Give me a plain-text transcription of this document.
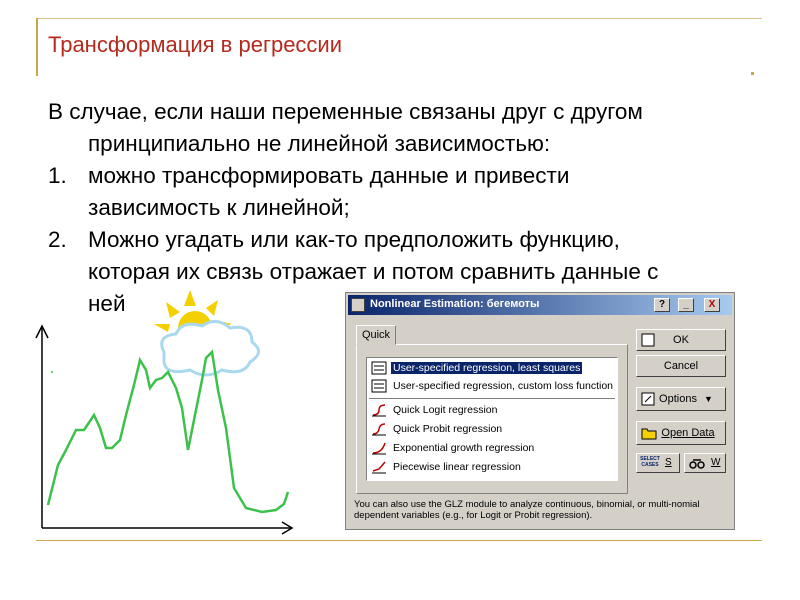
Трансформация в регрессии
В случае, если наши переменные связаны друг с другом
принципиально не линейной зависимостью:
1. можно трансформировать данные и привести
зависимость к линейной;
2. Можно угадать или как-то предположить функцию,
которая их связь отражает и потом сравнить данные с
ней	Nonlinear Estimation: бегемоты	?	_	X
Quick
User-specified regression, least squares
User-specified regression, custom loss function
Quick Logit regression
Quick Probit regression
Exponential growth regression
Piecewise linear regression
OK
Cancel
Options ▼
Open Data
SELECT CASES S	W
You can also use the GLZ module to analyze continuous, binomial, or multi-nomial dependent variables (e.g., for Logit or Probit regression).
